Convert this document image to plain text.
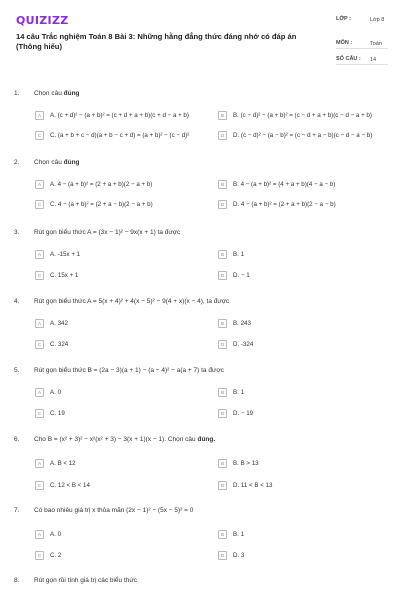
QUIZIZZ
14 câu Trắc nghiệm Toán 8 Bài 3: Những hằng đẳng thức đáng nhớ có đáp án (Thông hiểu)
LỚP :	Lớp 8
MÔN :	Toán
SỐ CÂU : 14
1. Chọn câu đúng
A	A. (c + d)² − (a + b)² = (c + d + a + b)(c + d − a + b)	B	B. (c − d)² − (a + b)² = (c − d + a + b)(c − d − a + b)
C	C. (a + b + c − d)(a + b − c + d) = (a + b)² − (c − d)²	D	D. (c − d)² − (a − b)² = (c − d + a − b)(c − d − a − b)
2. Chọn câu đúng
A	A. 4 − (a + b)² = (2 + a + b)(2 − a + b)	B	B. 4 − (a + b)² = (4 + a + b)(4 − a − b)
C	C. 4 − (a + b)² = (2 + a − b)(2 − a + b)	D	D. 4 − (a + b)² = (2 + a + b)(2 − a − b)
3. Rút gọn biểu thức A = (3x − 1)² − 9x(x + 1) ta được
A	A. -15x + 1	B	B. 1
C	C. 15x + 1	D	D. − 1
4. Rút gọn biểu thức A = 5(x + 4)² + 4(x − 5)² − 9(4 + x)(x − 4), ta được
A	A. 342	B	B. 243
C	C. 324	D	D. -324
5. Rút gọn biểu thức B = (2a − 3)(a + 1) − (a − 4)² − a(a + 7) ta được
A	A. 0	B	B. 1
C	C. 19	D	D. − 19
6. Cho B = (x² + 3)² − x²(x² + 3) − 3(x + 1)(x − 1). Chọn câu đúng.
A	A. B < 12	B	B. B > 13
C	C. 12 < B < 14	D	D. 11 < B < 13
7. Có bao nhiêu giá trị x thỏa mãn (2x − 1)² − (5x − 5)² = 0
A	A. 0	B	B. 1
C	C. 2	D	D. 3
8. Rút gọn rồi tính giá trị các biểu thức
